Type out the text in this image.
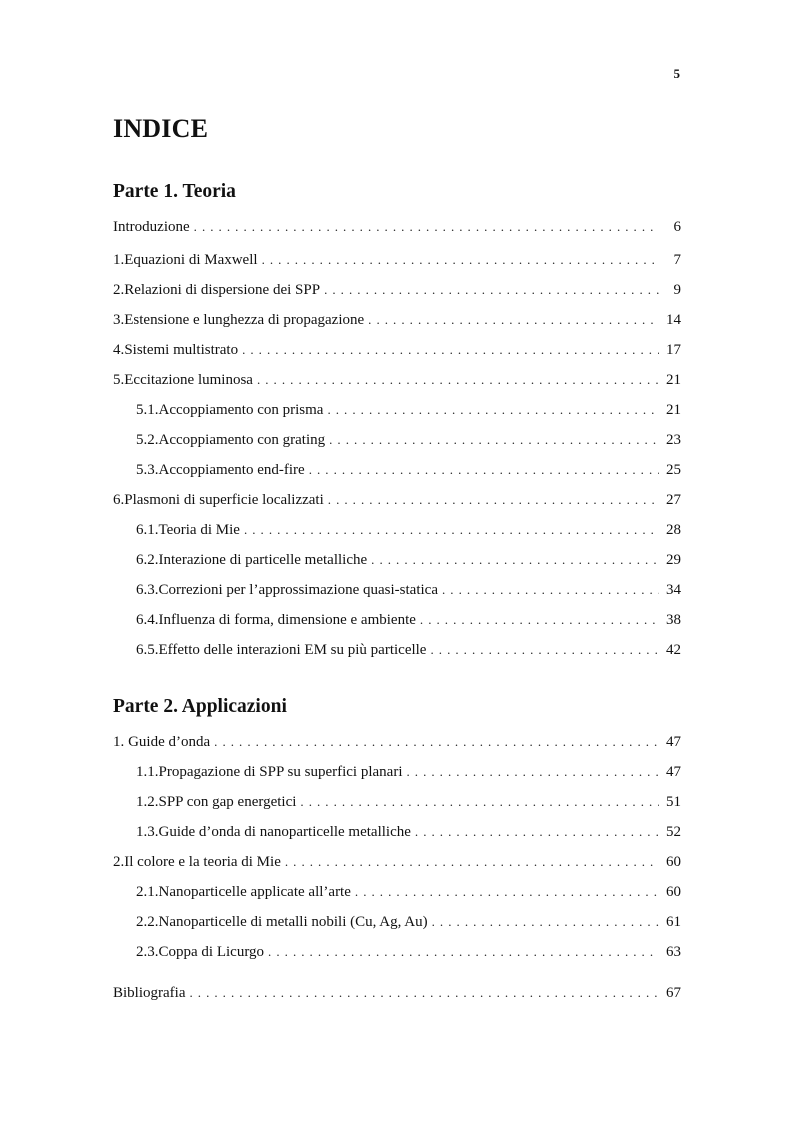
5
INDICE
Parte 1. Teoria
Introduzione . . .	6
1. Equazioni di Maxwell . . .	7
2. Relazioni di dispersione dei SPP . . .	9
3. Estensione e lunghezza di propagazione . . .	14
4. Sistemi multistrato . . .	17
5. Eccitazione luminosa . . .	21
5.1. Accoppiamento con prisma . . .	21
5.2. Accoppiamento con grating . . .	23
5.3. Accoppiamento end-fire . . .	25
6. Plasmoni di superficie localizzati . . .	27
6.1. Teoria di Mie . . .	28
6.2. Interazione di particelle metalliche . . .	29
6.3. Correzioni per l’approssimazione quasi-statica . . .	34
6.4. Influenza di forma, dimensione e ambiente . . .	38
6.5. Effetto delle interazioni EM su più particelle . . .	42
Parte 2. Applicazioni
1. Guide d’onda . . .	47
1.1. Propagazione di SPP su superfici planari . . .	47
1.2. SPP con gap energetici . . .	51
1.3. Guide d’onda di nanoparticelle metalliche . . .	52
2. Il colore e la teoria di Mie . . .	60
2.1. Nanoparticelle applicate all’arte . . .	60
2.2. Nanoparticelle di metalli nobili (Cu, Ag, Au) . . .	61
2.3. Coppa di Licurgo . . .	63
Bibliografia . . .	67
